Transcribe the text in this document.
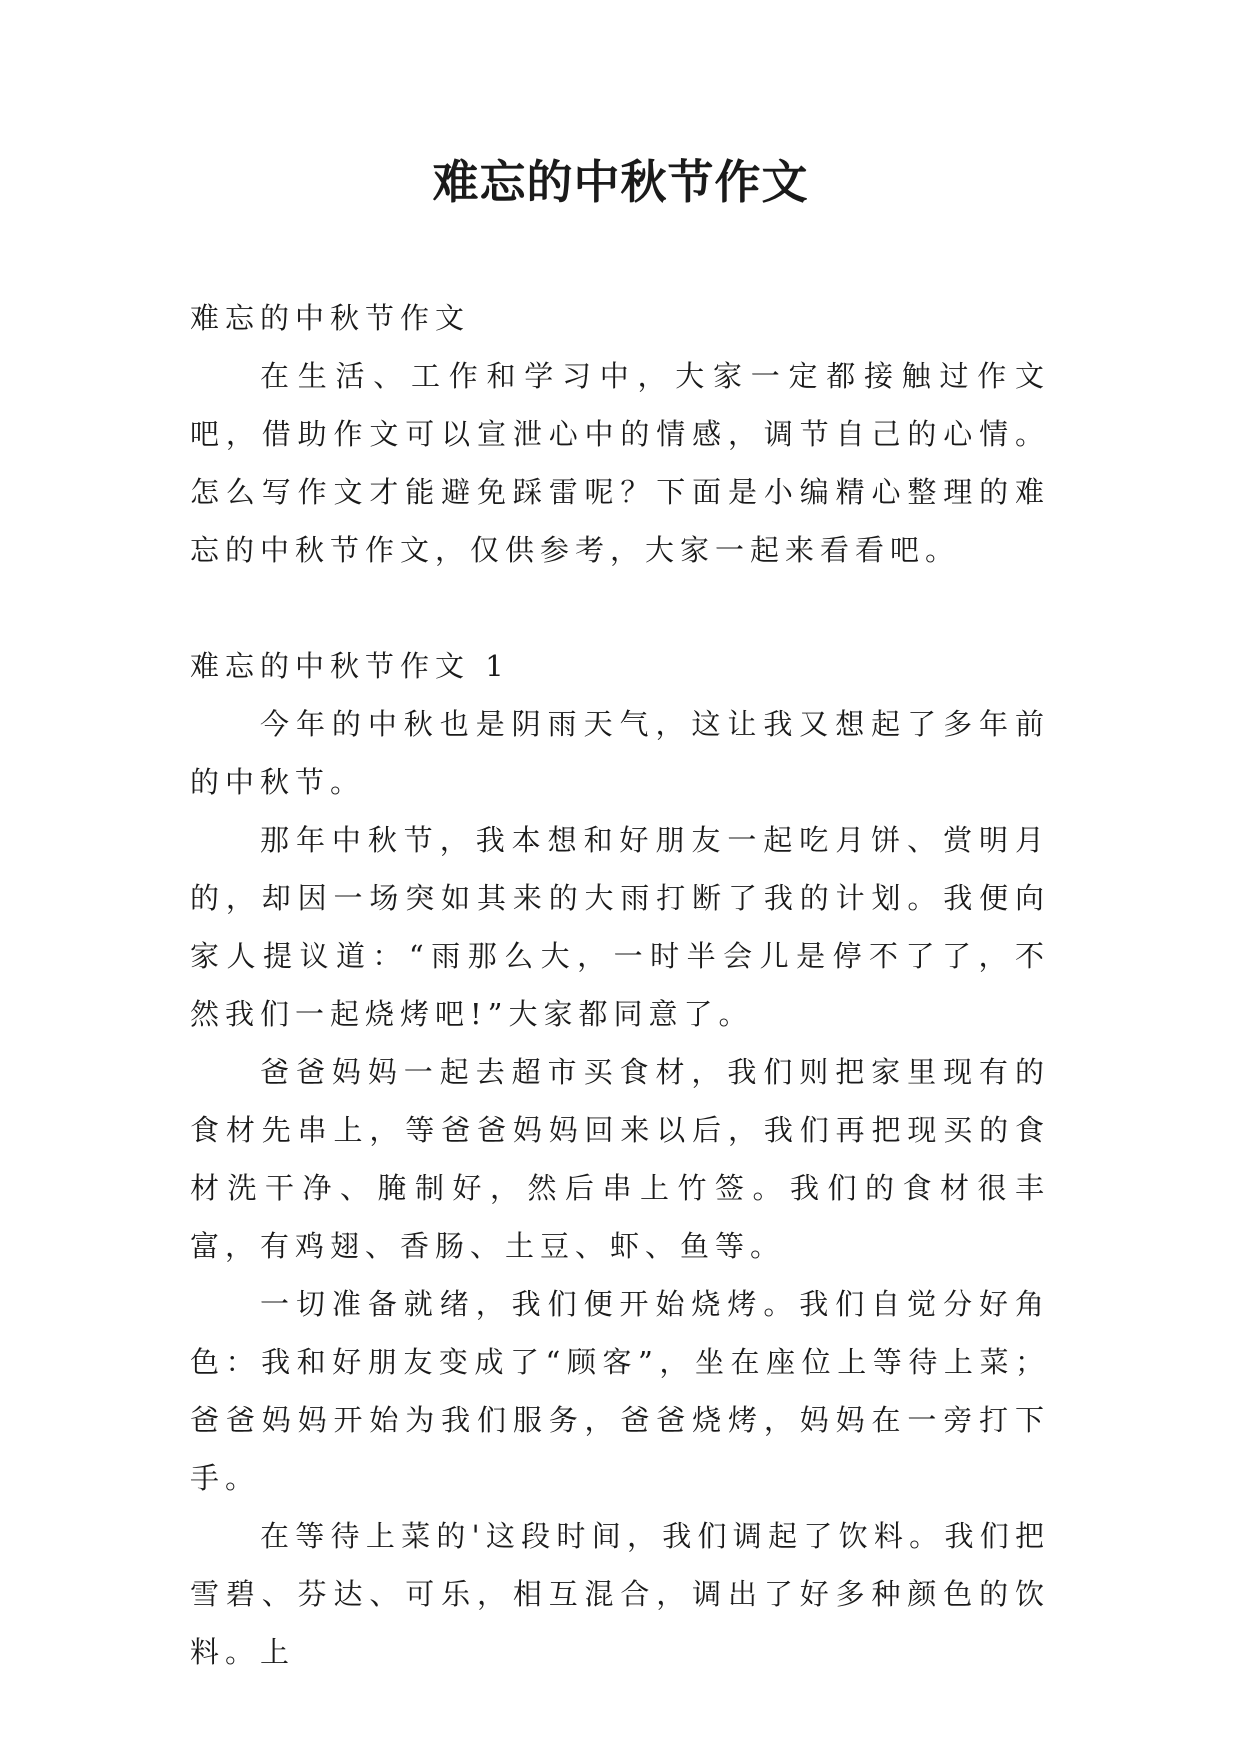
难忘的中秋节作文

难忘的中秋节作文

在生活、工作和学习中，大家一定都接触过作文吧，借助作文可以宣泄心中的情感，调节自己的心情。怎么写作文才能避免踩雷呢？下面是小编精心整理的难忘的中秋节作文，仅供参考，大家一起来看看吧。

难忘的中秋节作文 1

今年的中秋也是阴雨天气，这让我又想起了多年前的中秋节。

那年中秋节，我本想和好朋友一起吃月饼、赏明月的，却因一场突如其来的大雨打断了我的计划。我便向家人提议道：“雨那么大，一时半会儿是停不了了，不然我们一起烧烤吧!”大家都同意了。

爸爸妈妈一起去超市买食材，我们则把家里现有的食材先串上，等爸爸妈妈回来以后，我们再把现买的食材洗干净、腌制好，然后串上竹签。我们的食材很丰富，有鸡翅、香肠、土豆、虾、鱼等。

一切准备就绪，我们便开始烧烤。我们自觉分好角色：我和好朋友变成了“顾客”，坐在座位上等待上菜；爸爸妈妈开始为我们服务，爸爸烧烤，妈妈在一旁打下手。

在等待上菜的'这段时间，我们调起了饮料。我们把雪碧、芬达、可乐，相互混合，调出了好多种颜色的饮料。上
